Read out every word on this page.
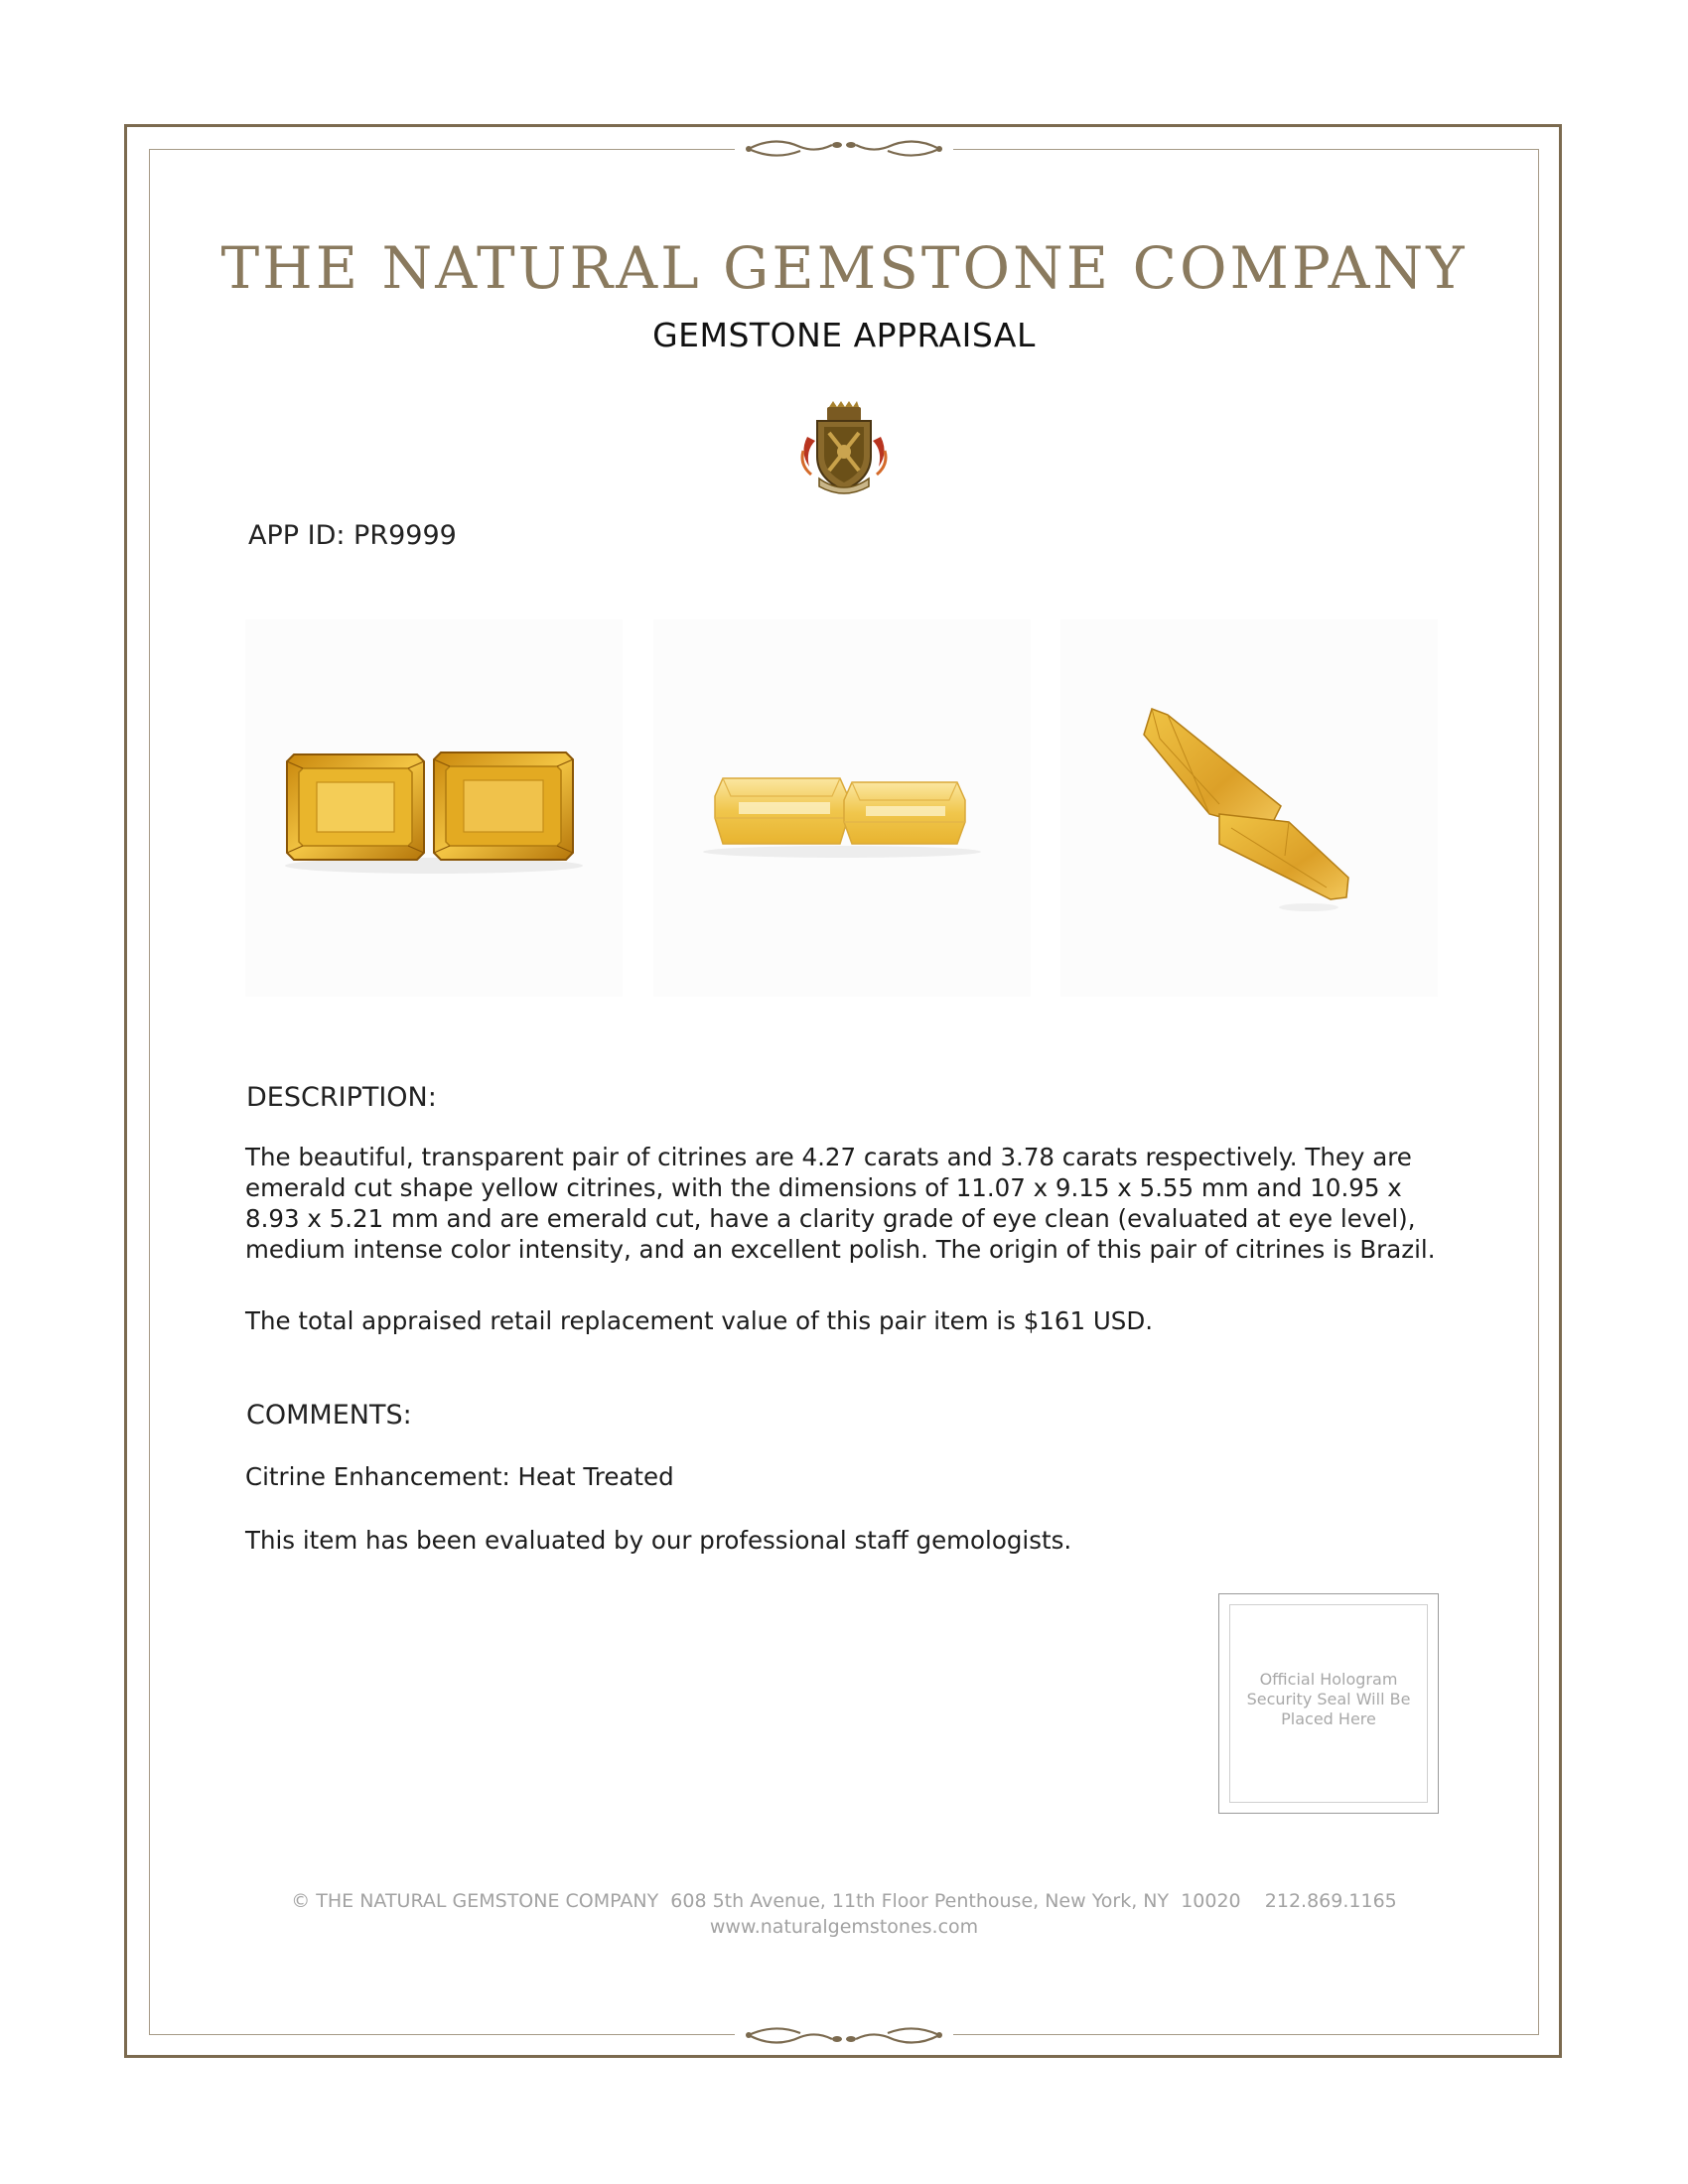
THE NATURAL GEMSTONE COMPANY
GEMSTONE APPRAISAL
APP ID: PR9999
DESCRIPTION:
The beautiful, transparent pair of citrines are 4.27 carats and 3.78 carats respectively. They are emerald cut shape yellow citrines, with the dimensions of 11.07 x 9.15 x 5.55 mm and 10.95 x 8.93 x 5.21 mm and are emerald cut, have a clarity grade of eye clean (evaluated at eye level), medium intense color intensity, and an excellent polish. The origin of this pair of citrines is Brazil.
The total appraised retail replacement value of this pair item is $161 USD.
COMMENTS:
Citrine Enhancement: Heat Treated
This item has been evaluated by our professional staff gemologists.
Official Hologram Security Seal Will Be Placed Here
© THE NATURAL GEMSTONE COMPANY  608 5th Avenue, 11th Floor Penthouse, New York, NY  10020    212.869.1165
www.naturalgemstones.com
